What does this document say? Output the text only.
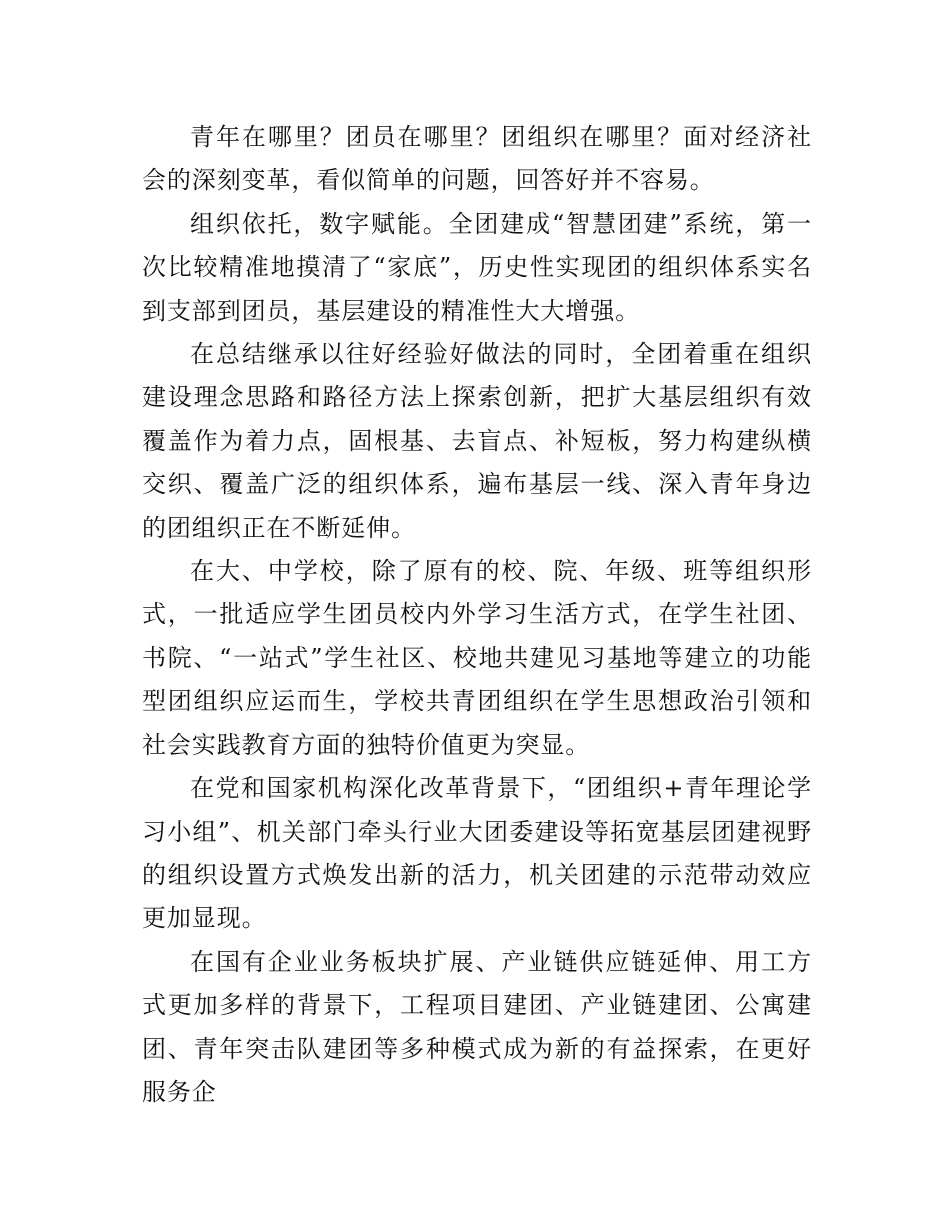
青年在哪里？团员在哪里？团组织在哪里？面对经济社会的深刻变革，看似简单的问题，回答好并不容易。

组织依托，数字赋能。全团建成“智慧团建”系统，第一次比较精准地摸清了“家底”，历史性实现团的组织体系实名到支部到团员，基层建设的精准性大大增强。

在总结继承以往好经验好做法的同时，全团着重在组织建设理念思路和路径方法上探索创新，把扩大基层组织有效覆盖作为着力点，固根基、去盲点、补短板，努力构建纵横交织、覆盖广泛的组织体系，遍布基层一线、深入青年身边的团组织正在不断延伸。

在大、中学校，除了原有的校、院、年级、班等组织形式，一批适应学生团员校内外学习生活方式，在学生社团、书院、“一站式”学生社区、校地共建见习基地等建立的功能型团组织应运而生，学校共青团组织在学生思想政治引领和社会实践教育方面的独特价值更为突显。

在党和国家机构深化改革背景下，“团组织+青年理论学习小组”、机关部门牵头行业大团委建设等拓宽基层团建视野的组织设置方式焕发出新的活力，机关团建的示范带动效应更加显现。

在国有企业业务板块扩展、产业链供应链延伸、用工方式更加多样的背景下，工程项目建团、产业链建团、公寓建团、青年突击队建团等多种模式成为新的有益探索，在更好服务企
